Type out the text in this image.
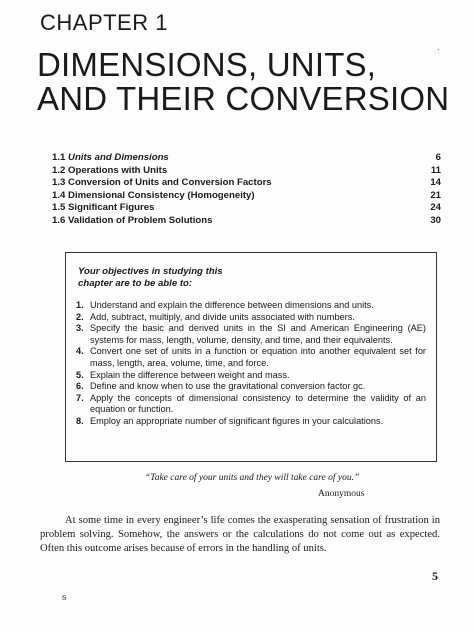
CHAPTER 1
DIMENSIONS, UNITS,
AND THEIR CONVERSION
1.1 Units and Dimensions	6
1.2 Operations with Units	11
1.3 Conversion of Units and Conversion Factors	14
1.4 Dimensional Consistency (Homogeneity)	21
1.5 Significant Figures	24
1.6 Validation of Problem Solutions	30
Your objectives in studying this
chapter are to be able to:
1. Understand and explain the difference between dimensions and units.
2. Add, subtract, multiply, and divide units associated with numbers.
3. Specify the basic and derived units in the SI and American Engineering (AE) systems for mass, length, volume, density, and time, and their equivalents.
4. Convert one set of units in a function or equation into another equivalent set for mass, length, area, volume, time, and force.
5. Explain the difference between weight and mass.
6. Define and know when to use the gravitational conversion factor gc.
7. Apply the concepts of dimensional consistency to determine the validity of an equation or function.
8. Employ an appropriate number of significant figures in your calculations.
“Take care of your units and they will take care of you.”
Anonymous
At some time in every engineer’s life comes the exasperating sensation of frustration in problem solving. Somehow, the answers or the calculations do not come out as expected. Often this outcome arises because of errors in the handling of units.
5
·
ᵴ
